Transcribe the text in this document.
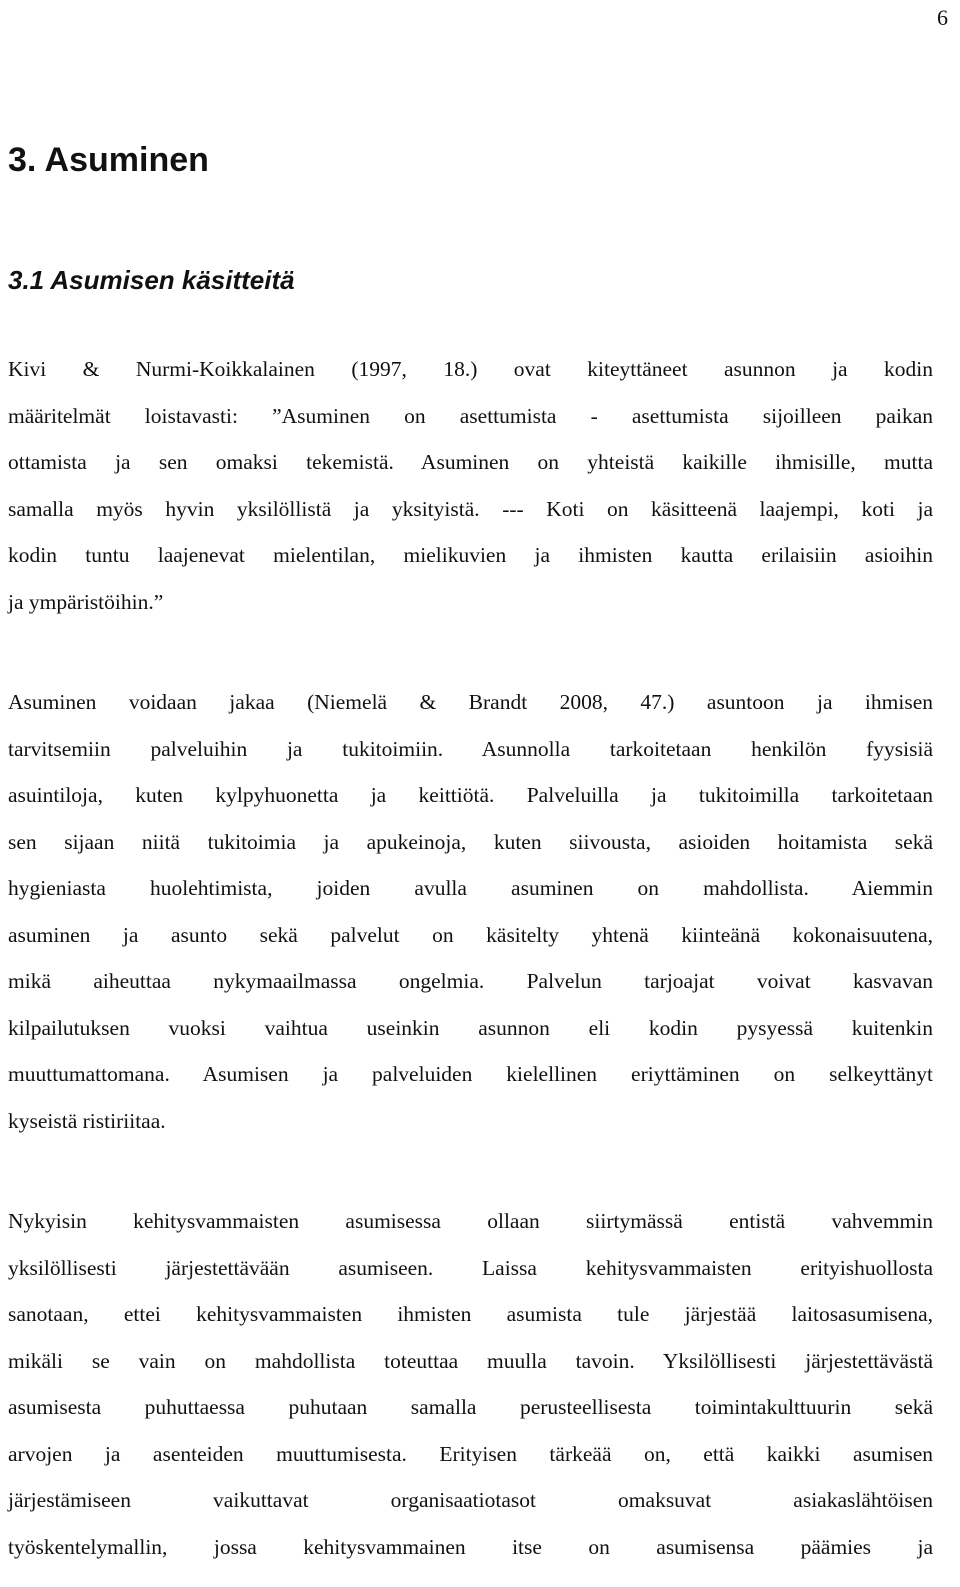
6
3. Asuminen
3.1 Asumisen käsitteitä
Kivi & Nurmi-Koikkalainen (1997, 18.) ovat kiteyttäneet asunnon ja kodin
määritelmät loistavasti: ”Asuminen on asettumista - asettumista sijoilleen paikan
ottamista ja sen omaksi tekemistä. Asuminen on yhteistä kaikille ihmisille, mutta
samalla myös hyvin yksilöllistä ja yksityistä. --- Koti on käsitteenä laajempi, koti ja
kodin tuntu laajenevat mielentilan, mielikuvien ja ihmisten kautta erilaisiin asioihin
ja ympäristöihin.”
Asuminen voidaan jakaa (Niemelä & Brandt 2008, 47.) asuntoon ja ihmisen
tarvitsemiin palveluihin ja tukitoimiin. Asunnolla tarkoitetaan henkilön fyysisiä
asuintiloja, kuten kylpyhuonetta ja keittiötä. Palveluilla ja tukitoimilla tarkoitetaan
sen sijaan niitä tukitoimia ja apukeinoja, kuten siivousta, asioiden hoitamista sekä
hygieniasta huolehtimista, joiden avulla asuminen on mahdollista. Aiemmin
asuminen ja asunto sekä palvelut on käsitelty yhtenä kiinteänä kokonaisuutena,
mikä aiheuttaa nykymaailmassa ongelmia. Palvelun tarjoajat voivat kasvavan
kilpailutuksen vuoksi vaihtua useinkin asunnon eli kodin pysyessä kuitenkin
muuttumattomana. Asumisen ja palveluiden kielellinen eriyttäminen on selkeyttänyt
kyseistä ristiriitaa.
Nykyisin kehitysvammaisten asumisessa ollaan siirtymässä entistä vahvemmin
yksilöllisesti järjestettävään asumiseen. Laissa kehitysvammaisten erityishuollosta
sanotaan, ettei kehitysvammaisten ihmisten asumista tule järjestää laitosasumisena,
mikäli se vain on mahdollista toteuttaa muulla tavoin. Yksilöllisesti järjestettävästä
asumisesta puhuttaessa puhutaan samalla perusteellisesta toimintakulttuurin sekä
arvojen ja asenteiden muuttumisesta. Erityisen tärkeää on, että kaikki asumisen
järjestämiseen vaikuttavat organisaatiotasot omaksuvat asiakaslähtöisen
työskentelymallin, jossa kehitysvammainen itse on asumisensa päämies ja
